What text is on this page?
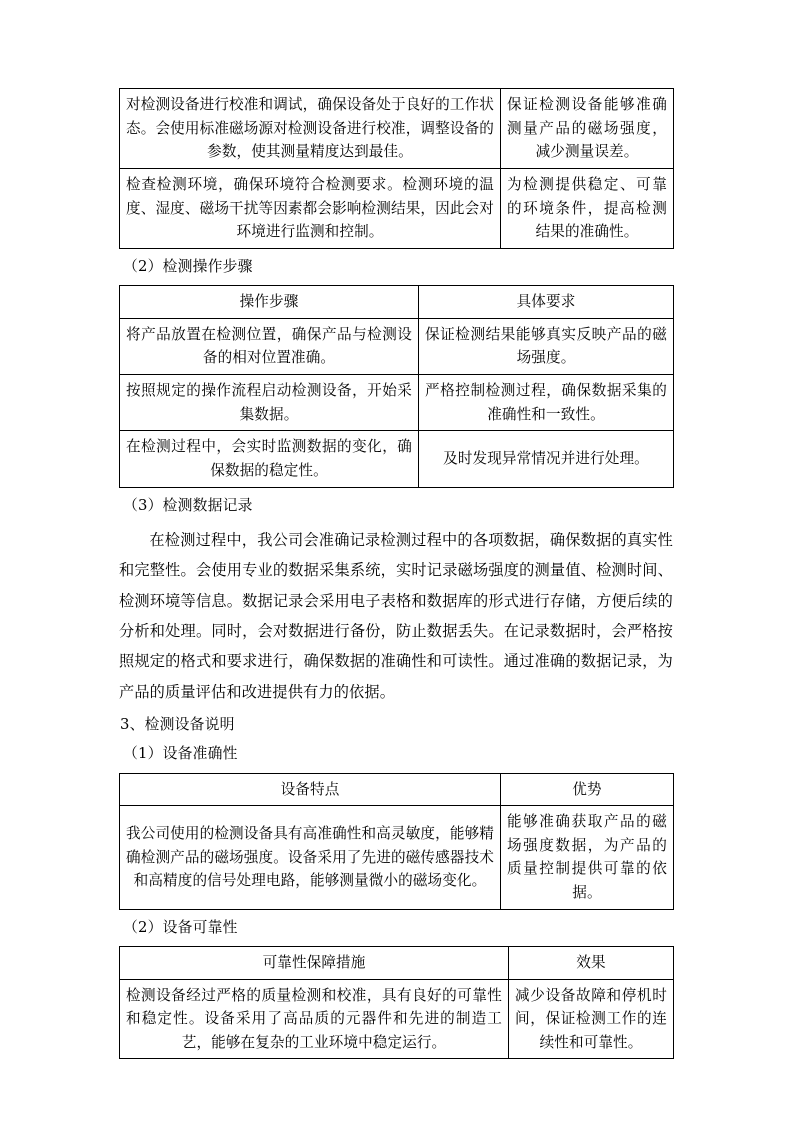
对检测设备进行校准和调试，确保设备处于良好的工作状态。会使用标准磁场源对检测设备进行校准，调整设备的参数，使其测量精度达到最佳。	保证检测设备能够准确测量产品的磁场强度，减少测量误差。
检查检测环境，确保环境符合检测要求。检测环境的温度、湿度、磁场干扰等因素都会影响检测结果，因此会对环境进行监测和控制。	为检测提供稳定、可靠的环境条件，提高检测结果的准确性。
（2）检测操作步骤
操作步骤	具体要求
将产品放置在检测位置，确保产品与检测设备的相对位置准确。	保证检测结果能够真实反映产品的磁场强度。
按照规定的操作流程启动检测设备，开始采集数据。	严格控制检测过程，确保数据采集的准确性和一致性。
在检测过程中，会实时监测数据的变化，确保数据的稳定性。	及时发现异常情况并进行处理。
（3）检测数据记录

在检测过程中，我公司会准确记录检测过程中的各项数据，确保数据的真实性和完整性。会使用专业的数据采集系统，实时记录磁场强度的测量值、检测时间、检测环境等信息。数据记录会采用电子表格和数据库的形式进行存储，方便后续的分析和处理。同时，会对数据进行备份，防止数据丢失。在记录数据时，会严格按照规定的格式和要求进行，确保数据的准确性和可读性。通过准确的数据记录，为产品的质量评估和改进提供有力的依据。

3、检测设备说明
（1）设备准确性
设备特点	优势
我公司使用的检测设备具有高准确性和高灵敏度，能够精确检测产品的磁场强度。设备采用了先进的磁传感器技术和高精度的信号处理电路，能够测量微小的磁场变化。	能够准确获取产品的磁场强度数据，为产品的质量控制提供可靠的依据。
（2）设备可靠性
可靠性保障措施	效果
检测设备经过严格的质量检测和校准，具有良好的可靠性和稳定性。设备采用了高品质的元器件和先进的制造工艺，能够在复杂的工业环境中稳定运行。	减少设备故障和停机时间，保证检测工作的连续性和可靠性。
